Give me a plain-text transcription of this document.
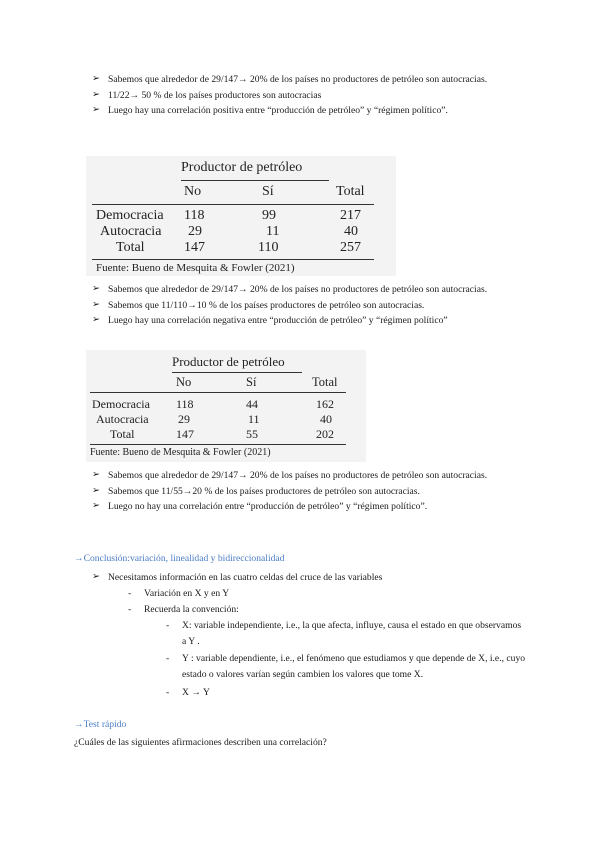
➢ Sabemos que alrededor de 29/147→ 20% de los países no productores de petróleo son autocracias.

➢ 11/22→ 50 % de los países productores son autocracias

➢ Luego hay una correlación positiva entre “producción de petróleo” y “régimen político”.

Productor de petróleo
No	Sí	Total
Democracia 118	99	217
Autocracia 29	11	40
Total	147	110	257
Fuente: Bueno de Mesquita & Fowler (2021)

➢ Sabemos que alrededor de 29/147→ 20% de los países no productores de petróleo son autocracias.

➢ Sabemos que 11/110→10 % de los países productores de petróleo son autocracias.

➢ Luego hay una correlación negativa entre “producción de petróleo” y “régimen político”

Productor de petróleo
No	Sí	Total
Democracia 118	44	162
Autocracia 29	11	40
Total	147	55	202
Fuente: Bueno de Mesquita & Fowler (2021)

➢ Sabemos que alrededor de 29/147→ 20% de los países no productores de petróleo son autocracias.

➢ Sabemos que 11/55→20 % de los países productores de petróleo son autocracias.

➢ Luego no hay una correlación entre “producción de petróleo” y “régimen político”.

→Conclusión:variación, linealidad y bidireccionalidad

➢ Necesitamos información en las cuatro celdas del cruce de las variables

- Variación en X y en Y
- Recuerda la convención:
-	X: variable independiente, i.e., la que afecta, influye, causa el estado en que observamos a Y .
-	Y : variable dependiente, i.e., el fenómeno que estudiamos y que depende de X, i.e., cuyo estado o valores varían según cambien los valores que tome X.
- X → Y
→Test rápido
¿Cuáles de las siguientes afirmaciones describen una correlación?
